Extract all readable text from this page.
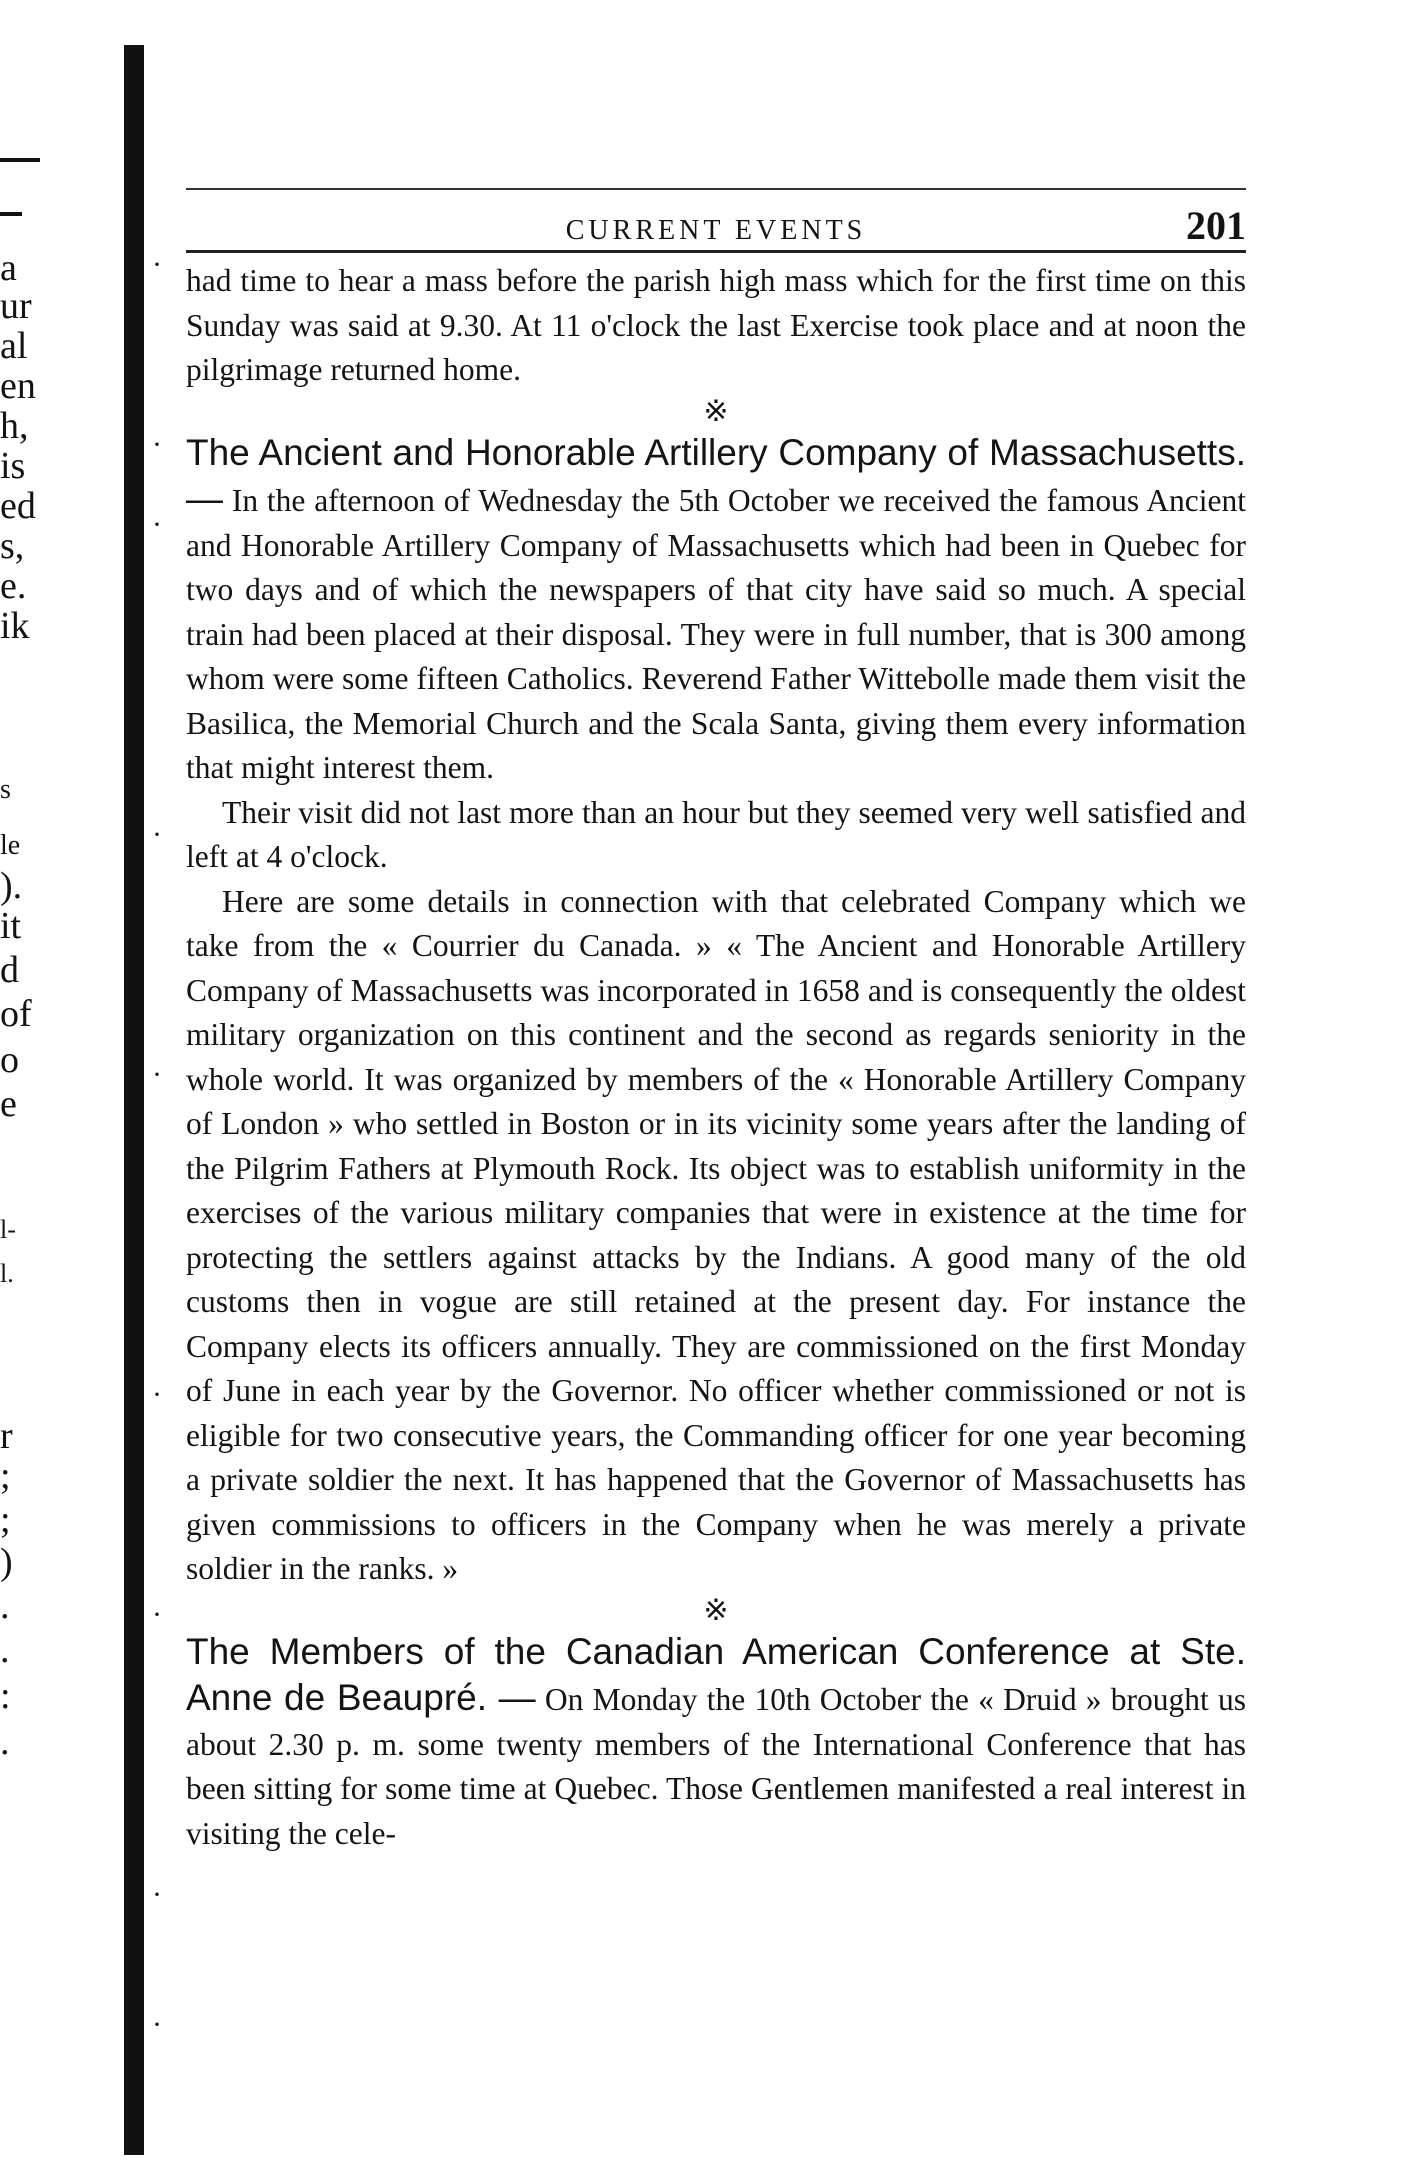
a
ur
al
en
h,
is
ed
s,
e.
ik
s
le
).
it
d
of
o
e
l-
l.
r
;
;
)
.
.
:
.
·
·
·
·
·
·
·
·
·
CURRENT EVENTS	201

had time to hear a mass before the parish high mass which for the first time on this Sunday was said at 9.30. At 11 o'clock the last Exercise took place and at noon the pilgrimage returned home.

※

The Ancient and Honorable Artillery Company of Massachusetts. — In the afternoon of Wednesday the 5th October we received the famous Ancient and Honorable Artillery Company of Massachusetts which had been in Quebec for two days and of which the newspapers of that city have said so much. A special train had been placed at their disposal. They were in full number, that is 300 among whom were some fifteen Catholics. Reverend Father Wittebolle made them visit the Basilica, the Memorial Church and the Scala Santa, giving them every information that might interest them.

Their visit did not last more than an hour but they seemed very well satisfied and left at 4 o'clock.

Here are some details in connection with that celebrated Company which we take from the « Courrier du Canada. » « The Ancient and Honorable Artillery Company of Massachusetts was incorporated in 1658 and is consequently the oldest military organization on this continent and the second as regards seniority in the whole world. It was organized by members of the « Honorable Artillery Company of London » who settled in Boston or in its vicinity some years after the landing of the Pilgrim Fathers at Plymouth Rock. Its object was to establish uniformity in the exercises of the various military companies that were in existence at the time for protecting the settlers against attacks by the Indians. A good many of the old customs then in vogue are still retained at the present day. For instance the Company elects its officers annually. They are commissioned on the first Monday of June in each year by the Governor. No officer whether commissioned or not is eligible for two consecutive years, the Commanding officer for one year becoming a private soldier the next. It has happened that the Governor of Massachusetts has given commissions to officers in the Company when he was merely a private soldier in the ranks. »

※

The Members of the Canadian American Conference at Ste. Anne de Beaupré. — On Monday the 10th October the « Druid » brought us about 2.30 p. m. some twenty members of the International Conference that has been sitting for some time at Quebec. Those Gentlemen manifested a real interest in visiting the cele-
